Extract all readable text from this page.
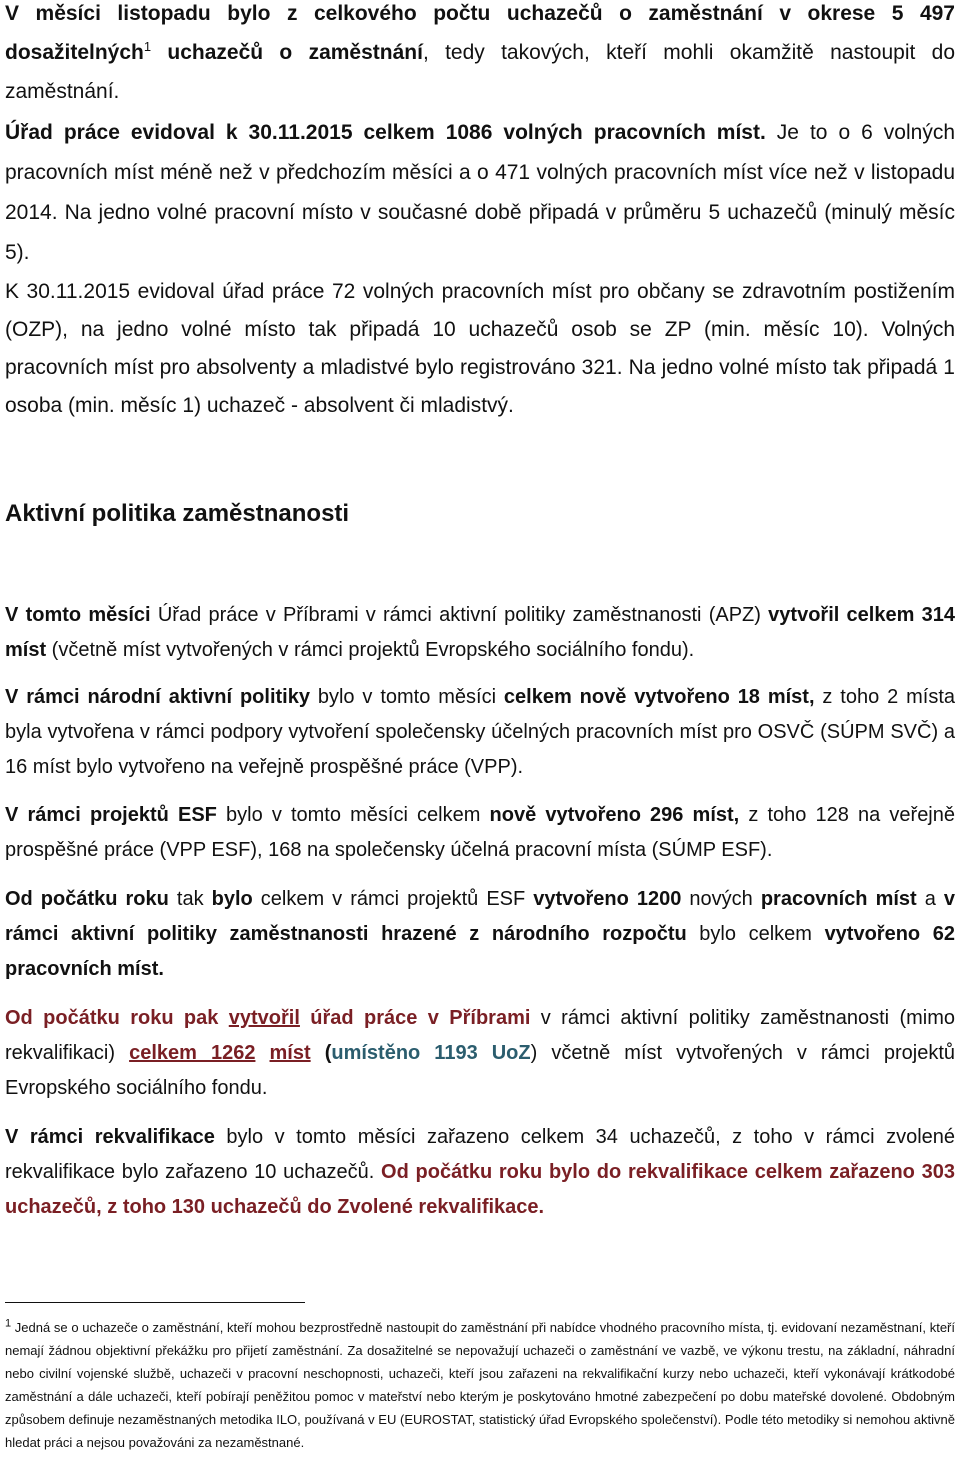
V měsíci listopadu bylo z celkového počtu uchazečů o zaměstnání v okrese 5 497 dosažitelných$^1$ uchazečů o zaměstnání, tedy takových, kteří mohli okamžitě nastoupit do zaměstnání.
Úřad práce evidoval k 30.11.2015 celkem 1086 volných pracovních míst. Je to o 6 volných pracovních míst méně než v předchozím měsíci a o 471 volných pracovních míst více než v listopadu 2014. Na jedno volné pracovní místo v současné době připadá v průměru 5 uchazečů (minulý měsíc 5).
K 30.11.2015 evidoval úřad práce 72 volných pracovních míst pro občany se zdravotním postižením (OZP), na jedno volné místo tak připadá 10 uchazečů osob se ZP (min. měsíc 10). Volných pracovních míst pro absolventy a mladistvé bylo registrováno 321. Na jedno volné místo tak připadá 1 osoba (min. měsíc 1) uchazeč - absolvent či mladistvý.
Aktivní politika zaměstnanosti

V tomto měsíci Úřad práce v Příbrami v rámci aktivní politiky zaměstnanosti (APZ) vytvořil celkem 314 míst (včetně míst vytvořených v rámci projektů Evropského sociálního fondu).

V rámci národní aktivní politiky bylo v tomto měsíci celkem nově vytvořeno 18 míst, z toho 2 místa byla vytvořena v rámci podpory vytvoření společensky účelných pracovních míst pro OSVČ (SÚPM SVČ) a 16 míst bylo vytvořeno na veřejně prospěšné práce (VPP).

V rámci projektů ESF bylo v tomto měsíci celkem nově vytvořeno 296 míst, z toho 128 na veřejně prospěšné práce (VPP ESF), 168 na společensky účelná pracovní místa (SÚMP ESF).

Od počátku roku tak bylo celkem v rámci projektů ESF vytvořeno 1200 nových pracovních míst a v rámci aktivní politiky zaměstnanosti hrazené z národního rozpočtu bylo celkem vytvořeno 62 pracovních míst.

Od počátku roku pak vytvořil úřad práce v Příbrami v rámci aktivní politiky zaměstnanosti (mimo rekvalifikaci) celkem 1262 míst (umístěno 1193 UoZ) včetně míst vytvořených v rámci projektů Evropského sociálního fondu.

V rámci rekvalifikace bylo v tomto měsíci zařazeno celkem 34 uchazečů, z toho v rámci zvolené rekvalifikace bylo zařazeno 10 uchazečů. Od počátku roku bylo do rekvalifikace celkem zařazeno 303 uchazečů, z toho 130 uchazečů do Zvolené rekvalifikace.

$^1$ Jedná se o uchazeče o zaměstnání, kteří mohou bezprostředně nastoupit do zaměstnání při nabídce vhodného pracovního místa, tj. evidovaní nezaměstnaní, kteří nemají žádnou objektivní překážku pro přijetí zaměstnání. Za dosažitelné se nepovažují uchazeči o zaměstnání ve vazbě, ve výkonu trestu, na základní, náhradní nebo civilní vojenské službě, uchazeči v pracovní neschopnosti, uchazeči, kteří jsou zařazeni na rekvalifikační kurzy nebo uchazeči, kteří vykonávají krátkodobé zaměstnání a dále uchazeči, kteří pobírají peněžitou pomoc v mateřství nebo kterým je poskytováno hmotné zabezpečení po dobu mateřské dovolené. Obdobným způsobem definuje nezaměstnaných metodika ILO, používaná v EU (EUROSTAT, statistický úřad Evropského společenství). Podle této metodiky si nemohou aktivně hledat práci a nejsou považováni za nezaměstnané.
